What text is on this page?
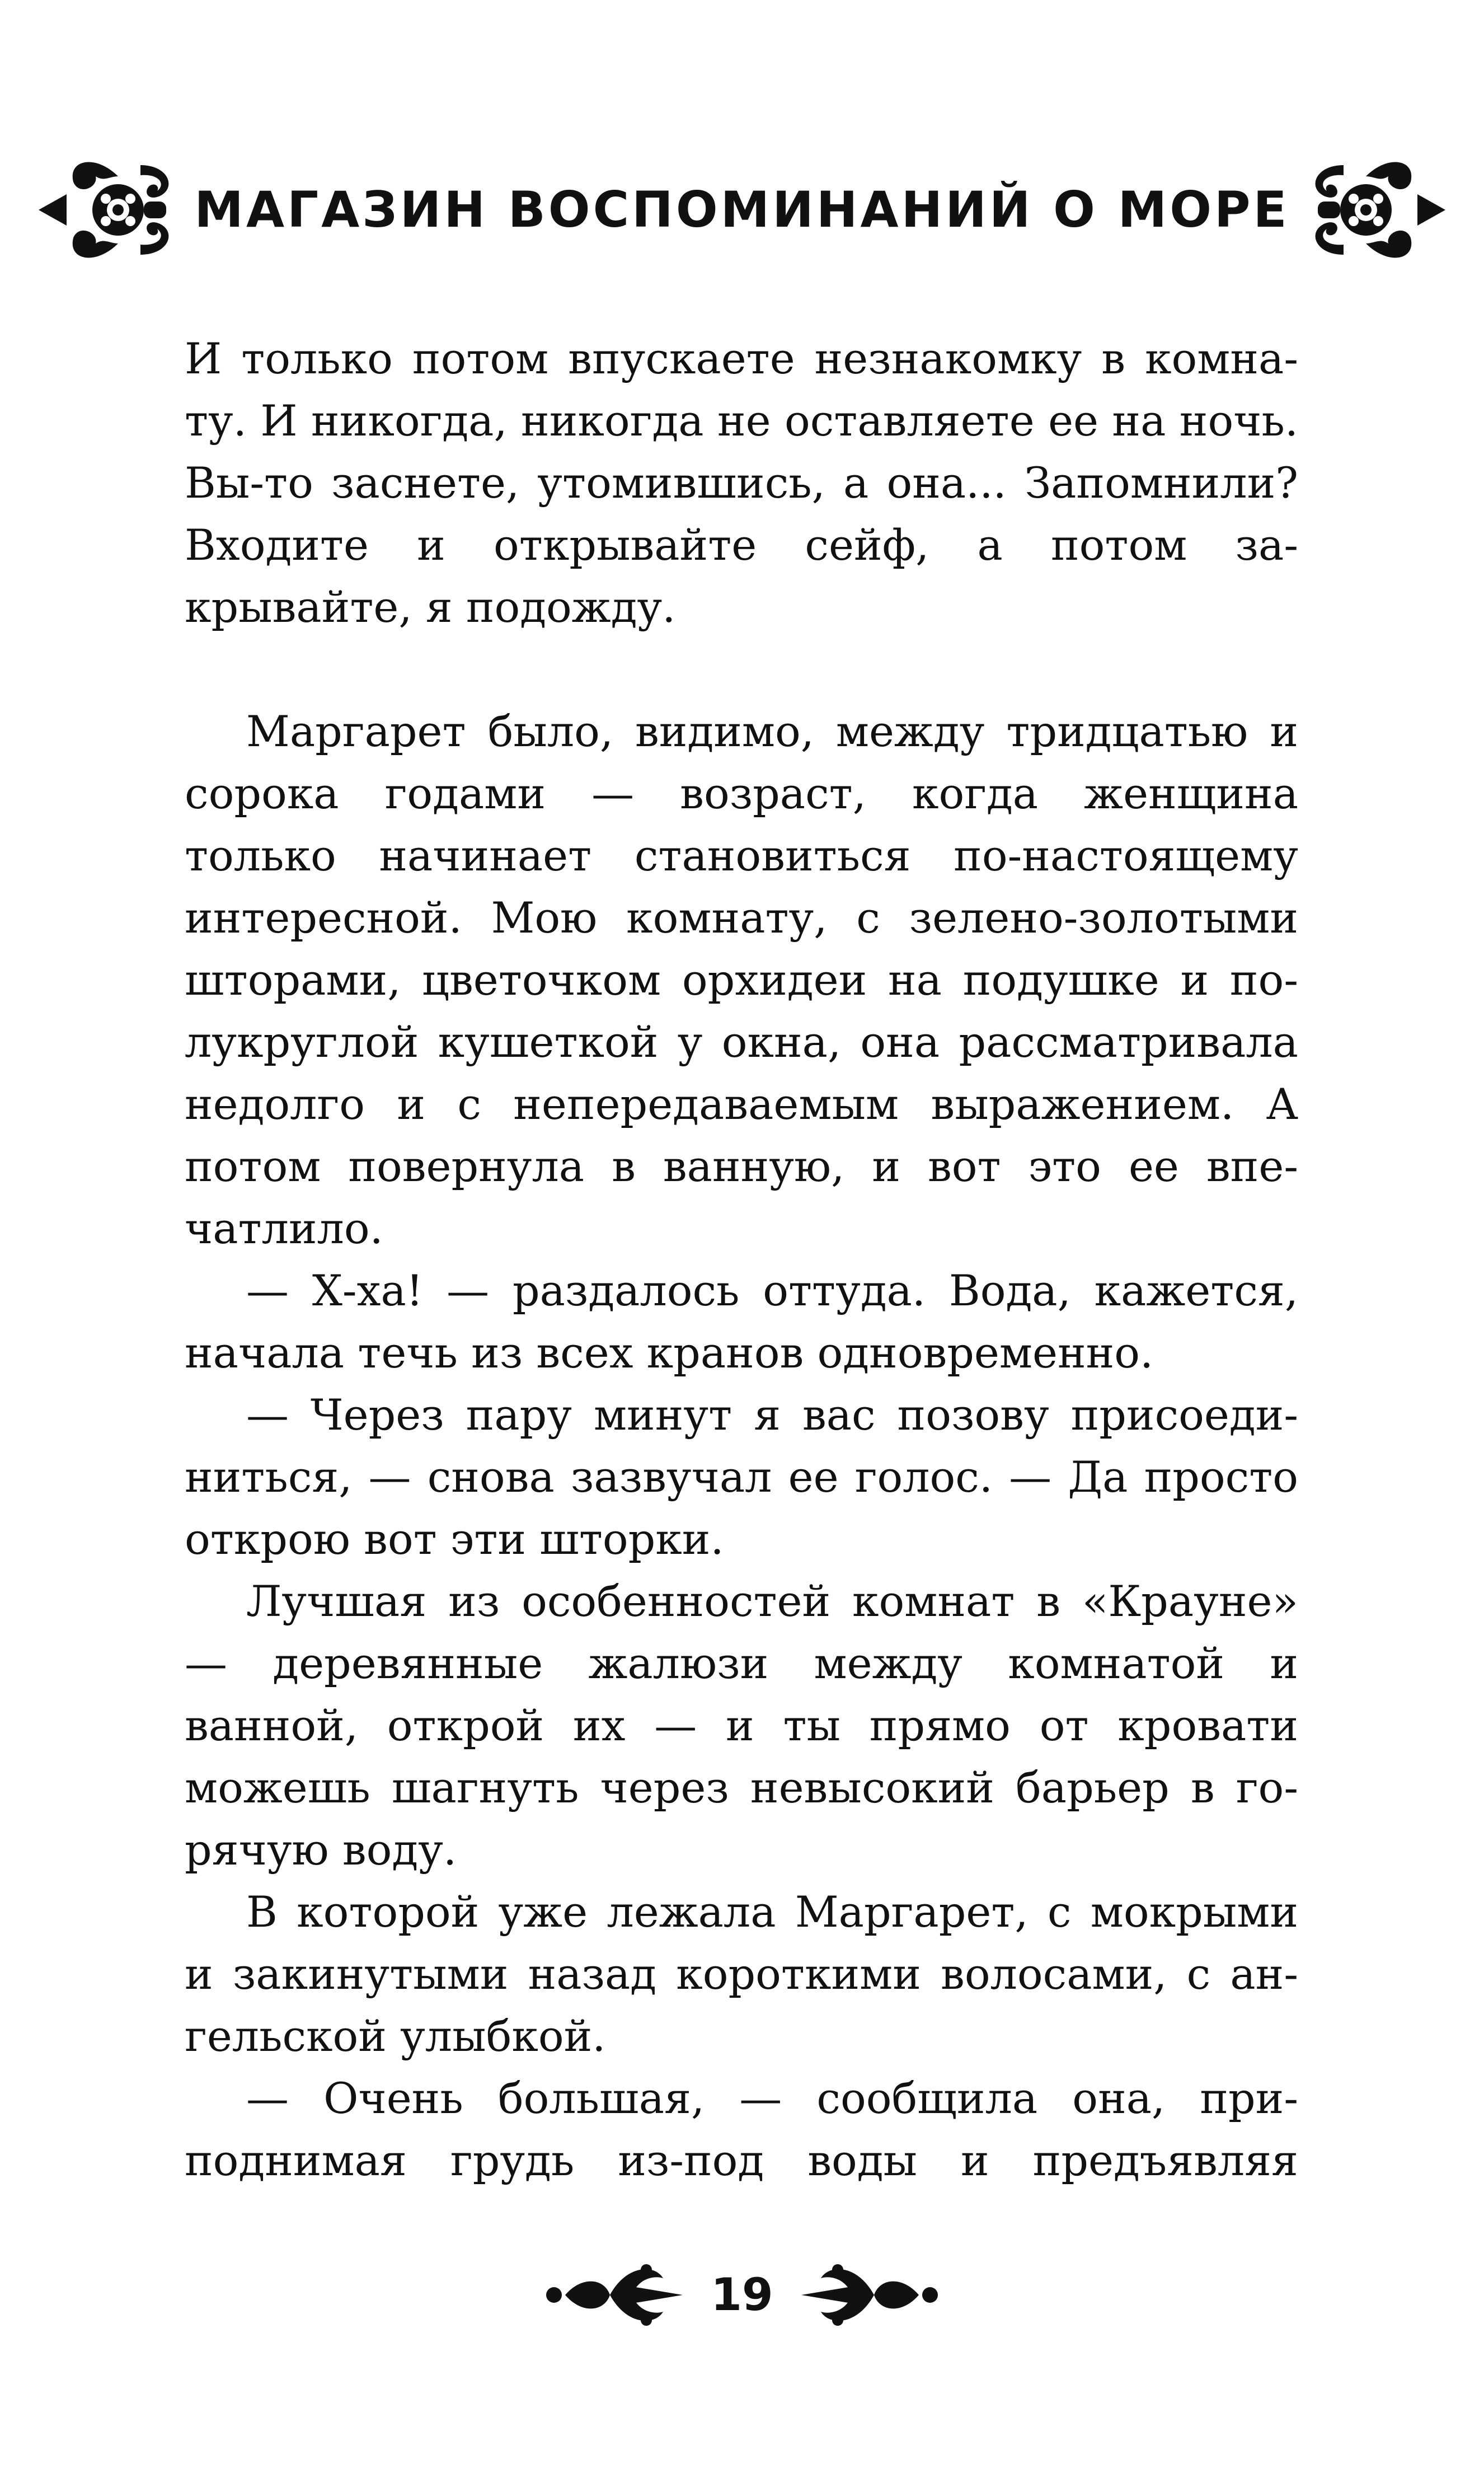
МАГАЗИН ВОСПОМИНАНИЙ О МОРЕ

И только потом впускаете незнакомку в комнату. И никогда, никогда не оставляете ее на ночь. Вы-то заснете, утомившись, а она... Запомнили? Входите и открывайте сейф, а потом закрывайте, я подожду.

Маргарет было, видимо, между тридцатью и сорока годами — возраст, когда женщина только начинает становиться по-настоящему интересной. Мою комнату, с зелено-золотыми шторами, цветочком орхидеи на подушке и полукруглой кушеткой у окна, она рассматривала недолго и с непередаваемым выражением. А потом повернула в ванную, и вот это ее впечатлило.

— Х-ха! — раздалось оттуда. Вода, кажется, начала течь из всех кранов одновременно.

— Через пару минут я вас позову присоединиться, — снова зазвучал ее голос. — Да просто открою вот эти шторки.

Лучшая из особенностей комнат в «Крауне» — деревянные жалюзи между комнатой и ванной, открой их — и ты прямо от кровати можешь шагнуть через невысокий барьер в горячую воду.

В которой уже лежала Маргарет, с мокрыми и закинутыми назад короткими волосами, с ангельской улыбкой.

— Очень большая, — сообщила она, приподнимая грудь из-под воды и предъявляя

19
